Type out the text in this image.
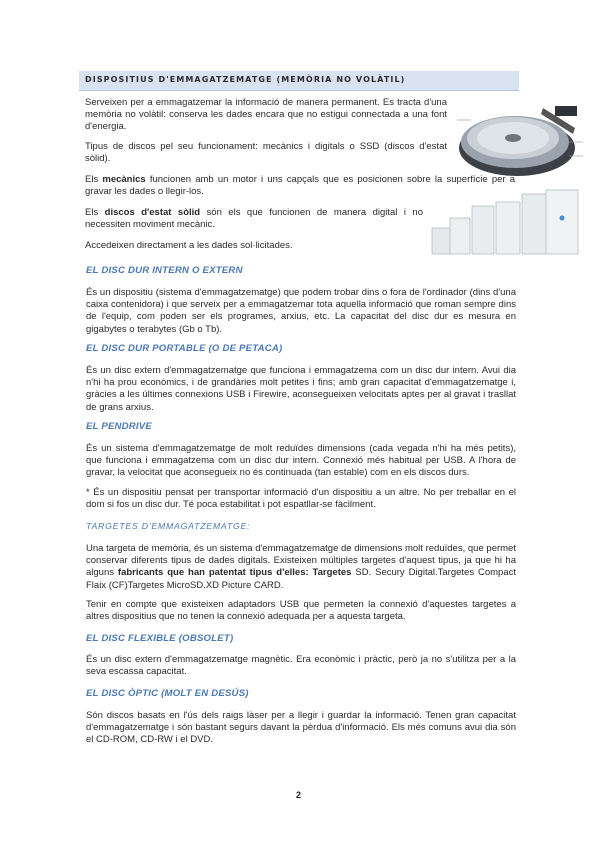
DISPOSITIUS D'EMMAGATZEMATGE (MEMÒRIA NO VOLÀTIL)

Serveixen per a emmagatzemar la informació de manera permanent. Es tracta d'una memòria no volàtil: conserva les dades encara que no estigui connectada a una font d'energia.

Tipus de discos pel seu funcionament: mecànics i digitals o SSD (discos d'estat sòlid).

Els mecànics funcionen amb un motor i uns capçals que es posicionen sobre la superfície per a gravar les dades o llegir-los.

Els discos d'estat sòlid són els que funcionen de manera digital i no necessiten moviment mecànic.

Accedeixen directament a les dades sol·licitades.

EL DISC DUR INTERN O EXTERN

És un dispositiu (sistema d'emmagatzematge) que podem trobar dins o fora de l'ordinador (dins d'una caixa contenidora) i que serveix per a emmagatzemar tota aquella informació que roman sempre dins de l'equip, com poden ser els programes, arxius, etc. La capacitat del disc dur es mesura en gigabytes o terabytes (Gb o Tb).

EL DISC DUR PORTABLE (O DE PETACA)

És un disc extern d'emmagatzematge que funciona i emmagatzema com un disc dur intern. Avui dia n'hi ha prou econòmics, i de grandàries molt petites i fins; amb gran capacitat d'emmagatzematge i, gràcies a les últimes connexions USB i Firewire, aconsegueixen velocitats aptes per al gravat i trasllat de grans arxius.

EL PENDRIVE

És un sistema d'emmagatzematge de molt reduïdes dimensions (cada vegada n'hi ha més petits), que funciona i emmagatzema com un disc dur intern. Connexió més habitual per USB. A l'hora de gravar, la velocitat que aconsegueix no és continuada (tan estable) com en els discos durs.

* És un dispositiu pensat per transportar informació d'un dispositiu a un altre. No per treballar en el dom si fos un disc dur. Té poca estabilitat i pot espatllar-se fàcilment.

TARGETES D'EMMAGATZEMATGE:

Una targeta de memòria, és un sistema d'emmagatzematge de dimensions molt reduïdes, que permet conservar diferents tipus de dades digitals. Existeixen múltiples targetes d'aquest tipus, ja que hi ha alguns fabricants que han patentat tipus d'elles: Targetes SD. Secury Digital.Targetes Compact Flaix (CF)Targetes MicroSD.XD Picture CARD.

Tenir en compte que existeixen adaptadors USB que permeten la connexió d'aquestes targetes a altres dispositius que no tenen la connexió adequada per a aquesta targeta.

EL DISC FLEXIBLE (OBSOLET)

És un disc extern d'emmagatzematge magnètic. Era econòmic i pràctic, però ja no s'utilitza per a la seva escassa capacitat.

EL DISC ÒPTIC (MOLT EN DESÚS)

Són discos basats en l'ús dels raigs làser per a llegir i guardar la informació. Tenen gran capacitat d'emmagatzematge i són bastant segurs davant la pèrdua d'informació. Els més comuns avui dia són el CD-ROM, CD-RW i el DVD.

2
